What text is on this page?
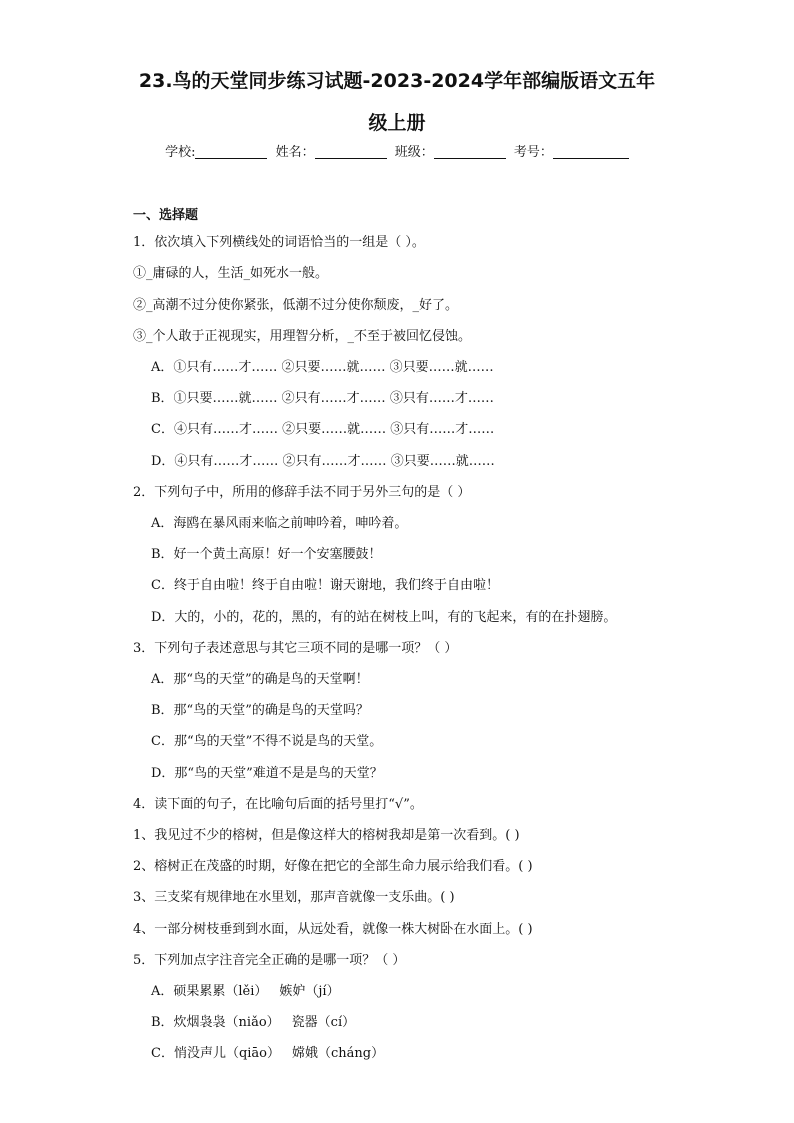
23.鸟的天堂同步练习试题-2023-2024学年部编版语文五年
级上册
学校:	姓名：	班级：	考号：
一、选择题
1．依次填入下列横线处的词语恰当的一组是（ ）。
①_庸碌的人，生活_如死水一般。
②_高潮不过分使你紧张，低潮不过分使你颓废，_好了。
③_个人敢于正视现实，用理智分析，_不至于被回忆侵蚀。
A．①只有……才…… ②只要……就…… ③只要……就……
B．①只要……就…… ②只有……才…… ③只有……才……
C．④只有……才…… ②只要……就…… ③只有……才……
D．④只有……才…… ②只有……才…… ③只要……就……
2．下列句子中，所用的修辞手法不同于另外三句的是（ ）
A．海鸥在暴风雨来临之前呻吟着，呻吟着。
B．好一个黄土高原！好一个安塞腰鼓！
C．终于自由啦！终于自由啦！谢天谢地，我们终于自由啦！
D．大的，小的，花的，黑的，有的站在树枝上叫，有的飞起来，有的在扑翅膀。
3．下列句子表述意思与其它三项不同的是哪一项？（ ）
A．那“鸟的天堂”的确是鸟的天堂啊！
B．那“鸟的天堂”的确是鸟的天堂吗？
C．那“鸟的天堂”不得不说是鸟的天堂。
D．那“鸟的天堂”难道不是是鸟的天堂？
4．读下面的句子，在比喻句后面的括号里打“√”。
1、我见过不少的榕树，但是像这样大的榕树我却是第一次看到。( )
2、榕树正在茂盛的时期，好像在把它的全部生命力展示给我们看。( )
3、三支桨有规律地在水里划，那声音就像一支乐曲。( )
4、一部分树枝垂到到水面，从远处看，就像一株大树卧在水面上。( )
5．下列加点字注音完全正确的是哪一项？（ ）
A．硕果累累（lěi） 嫉妒（jí）
B．炊烟袅袅（niǎo） 瓷器（cí）
C．悄没声儿（qiāo） 嫦娥（cháng）
